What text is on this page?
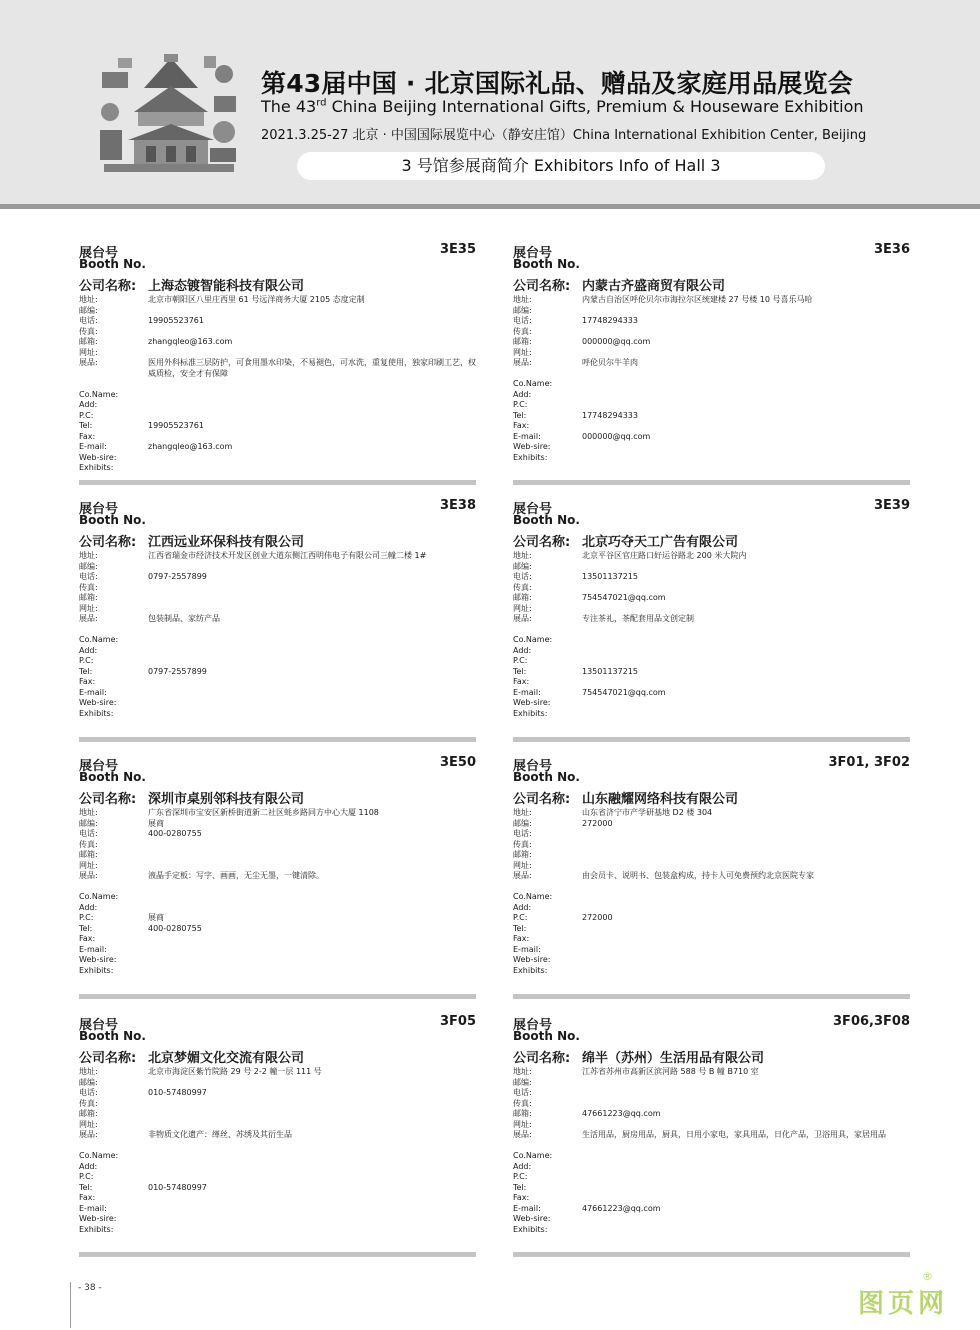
第43届中国 · 北京国际礼品、赠品及家庭用品展览会
The 43rd China Beijing International Gifts, Premium & Houseware Exhibition
2021.3.25-27 北京 · 中国国际展览中心（静安庄馆）China International Exhibition Center, Beijing
3 号馆参展商简介 Exhibitors Info of Hall 3
展台号
Booth No.
3E35
公司名称: 上海态镀智能科技有限公司
地址:
邮编:
电话:
传真:
邮箱:
网址:
展品:
Co.Name:
Add:
P.C:
Tel:
Fax:
E-mail:
Web-sire:
Exhibits:
北京市朝阳区八里庄西里 61 号远洋商务大厦 2105 态度定制
19905523761
zhangqleo@163.com
医用外科标准三层防护，可食用墨水印染，不易褪色，可水洗，重复使用，独家印刷工艺，权威质检，安全才有保障
19905523761
zhangqleo@163.com
展台号
Booth No.
3E36
公司名称: 内蒙古齐盛商贸有限公司
地址:
邮编:
电话:
传真:
邮箱:
网址:
展品:
Co.Name:
Add:
P.C:
Tel:
Fax:
E-mail:
Web-sire:
Exhibits:
内蒙古自治区呼伦贝尔市海拉尔区统建楼 27 号楼 10 号喜乐马哈
17748294333
000000@qq.com
呼伦贝尔牛羊肉
17748294333
000000@qq.com
展台号
Booth No.
3E38
公司名称: 江西远业环保科技有限公司
地址:
邮编:
电话:
传真:
邮箱:
网址:
展品:
Co.Name:
Add:
P.C:
Tel:
Fax:
E-mail:
Web-sire:
Exhibits:
江西省瑞金市经济技术开发区创业大道东侧江西明伟电子有限公司三幢二楼 1#
0797-2557899
包装制品、家纺产品
0797-2557899
展台号
Booth No.
3E39
公司名称: 北京巧夺天工广告有限公司
地址:
邮编:
电话:
传真:
邮箱:
网址:
展品:
Co.Name:
Add:
P.C:
Tel:
Fax:
E-mail:
Web-sire:
Exhibits:
北京平谷区官庄路口好运谷路北 200 米大院内
13501137215
754547021@qq.com
专注茶礼，茶配套用品文创定制
13501137215
754547021@qq.com
展台号
Booth No.
3E50
公司名称: 深圳市桌别邻科技有限公司
地址:
邮编:
电话:
传真:
邮箱:
网址:
展品:
Co.Name:
Add:
P.C:
Tel:
Fax:
E-mail:
Web-sire:
Exhibits:
广东省深圳市宝安区新桥街道新二社区蚝乡路同方中心大厦 1108
展商
400-0280755
液晶手定板：写字、画画，无尘无墨，一键清除。
展商
400-0280755
展台号
Booth No.
3F01, 3F02
公司名称: 山东融耀网络科技有限公司
地址:
邮编:
电话:
传真:
邮箱:
网址:
展品:
Co.Name:
Add:
P.C:
Tel:
Fax:
E-mail:
Web-sire:
Exhibits:
山东省济宁市产学研基地 D2 楼 304
272000
由会员卡、说明书、包装盒构成，持卡人可免费预约北京医院专家
272000
展台号
Booth No.
3F05
公司名称: 北京梦媚文化交流有限公司
地址:
邮编:
电话:
传真:
邮箱:
网址:
展品:
Co.Name:
Add:
P.C:
Tel:
Fax:
E-mail:
Web-sire:
Exhibits:
北京市海淀区紫竹院路 29 号 2-2 幢一层 111 号
010-57480997
非物质文化遗产：缂丝、苏绣及其衍生品
010-57480997
展台号
Booth No.
3F06,3F08
公司名称: 绵半（苏州）生活用品有限公司
地址:
邮编:
电话:
传真:
邮箱:
网址:
展品:
Co.Name:
Add:
P.C:
Tel:
Fax:
E-mail:
Web-sire:
Exhibits:
江苏省苏州市高新区滨河路 588 号 B 幢 B710 室
47661223@qq.com
生活用品，厨房用品，厨具，日用小家电，家具用品，日化产品，卫浴用具，家居用品
47661223@qq.com
- 38 -
图页网
®
